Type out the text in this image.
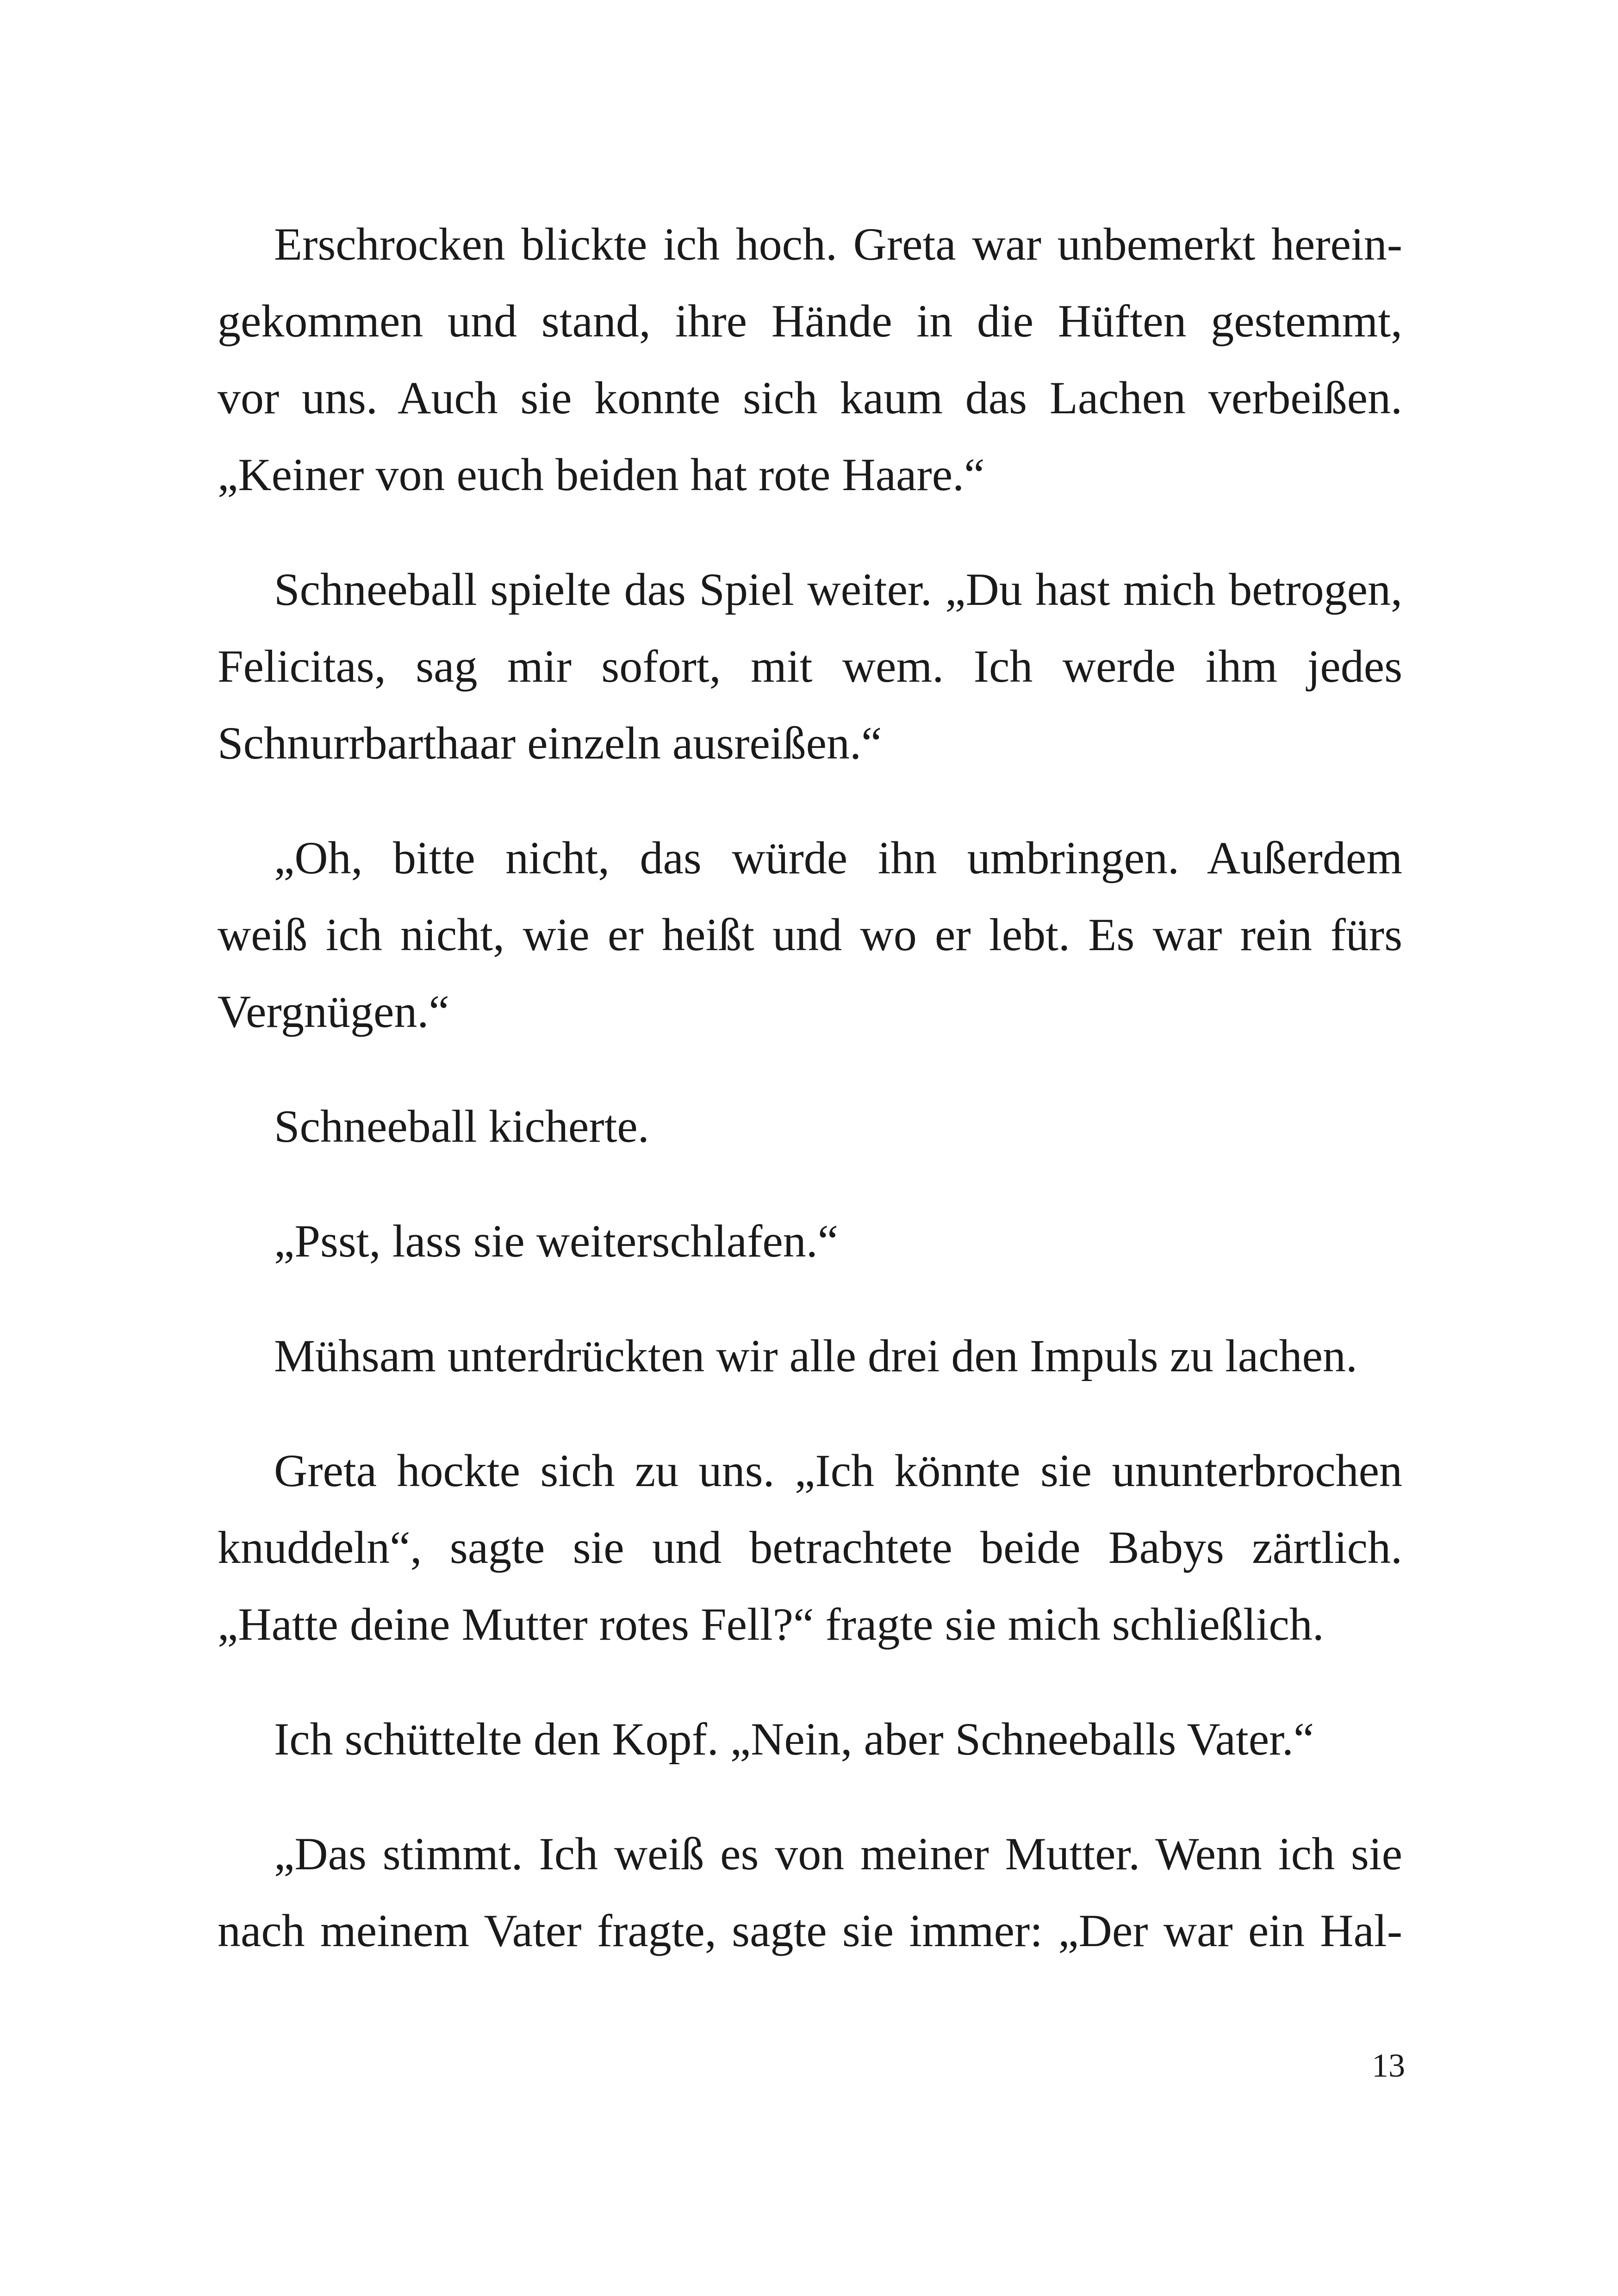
Erschrocken blickte ich hoch. Greta war unbemerkt herein-
gekommen und stand, ihre Hände in die Hüften gestemmt,
vor uns. Auch sie konnte sich kaum das Lachen verbeißen.
„Keiner von euch beiden hat rote Haare.“

Schneeball spielte das Spiel weiter. „Du hast mich betrogen,
Felicitas, sag mir sofort, mit wem. Ich werde ihm jedes
Schnurrbarthaar einzeln ausreißen.“

„Oh, bitte nicht, das würde ihn umbringen. Außerdem
weiß ich nicht, wie er heißt und wo er lebt. Es war rein fürs
Vergnügen.“

Schneeball kicherte.

„Psst, lass sie weiterschlafen.“

Mühsam unterdrückten wir alle drei den Impuls zu lachen.

Greta hockte sich zu uns. „Ich könnte sie ununterbrochen
knuddeln“, sagte sie und betrachtete beide Babys zärtlich.
„Hatte deine Mutter rotes Fell?“ fragte sie mich schließlich.

Ich schüttelte den Kopf. „Nein, aber Schneeballs Vater.“

„Das stimmt. Ich weiß es von meiner Mutter. Wenn ich sie
nach meinem Vater fragte, sagte sie immer: „Der war ein Hal-

13
